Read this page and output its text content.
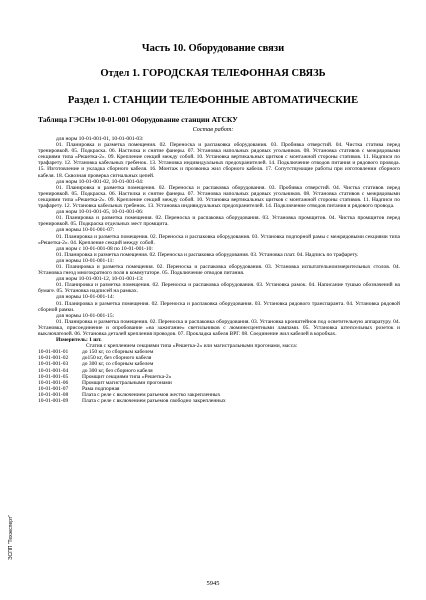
Часть 10. Оборудование связи
Отдел 1. ГОРОДСКАЯ ТЕЛЕФОННАЯ СВЯЗЬ
Раздел 1. СТАНЦИИ ТЕЛЕФОННЫЕ АВТОМАТИЧЕСКИЕ
Таблица ГЭСНм 10-01-001 Оборудование станции АТСКУ
Состав работ:

для норм 10-01-001-01, 10-01-001-03:

01. Планировка и разметка помещения. 02. Переноска и распаковка оборудования. 03. Пробивка отверстий. 04. Чистка статива перед тренировкой. 05. Подкраска. 06. Настилка и снятие фанеры. 07. Установка напольных рядовых угольников. 08. Установка стативов с межрядовыми секциями типа «Решетка-2». 09. Крепление секций между собой. 10. Установка вертикальных щитков с монтажной стороны стативов. 11. Надписи по трафарету. 12. Установка кабельных гребенок. 13. Установка индивидуальных предохранителей. 14. Подключение отводов питания и рядового провода. 15. Изготовление и укладка сборного кабеля. 16. Монтаж и прозвонка жил сборного кабеля. 17. Сопутствующие работы при изготовлении сборного кабеля. 18. Сквозная проверка сигнальных цепей.

для норм 10-01-001-02, 10-01-001-04:

01. Планировка и разметка помещения. 02. Переноска и распаковка оборудования. 03. Пробивка отверстий. 04. Чистка стативов перед тренировкой. 05. Подкраска. 06. Настилка и снятие фанеры. 07. Установка напольных рядовых угольников. 08. Установка стативов с межрядовыми секциями типа «Решетка-2». 09. Крепление секций между собой. 10. Установка вертикальных щитков с монтажной стороны стативов. 11. Надписи по трафарету. 12. Установка кабельных гребенок. 13. Установка индивидуальных предохранителей. 14. Подключение отводов питания и рядового провода.

для норм 10-01-001-05, 10-01-001-06:

01. Планировка и разметка помещения. 02. Переноска и распаковка оборудования. 03. Установка промщитов. 04. Чистка промщитов перед тренировкой. 05. Подкраска отдельных мест промщита.

для нормы 10-01-001-07:

01. Планировка и разметка помещения. 02. Переноска и распаковка оборудования. 03. Установка подпорной рамы с межрядовыми секциями типа «Решетка-2». 04. Крепление секций между собой.

для норм с 10-01-001-08 по 10-01-001-10:

01. Планировка и разметка помещения. 02. Переноска и распаковка оборудования. 03. Установка плат. 04. Надпись по трафарету.

для нормы 10-01-001-11:

01. Планировка и разметка помещения. 02. Переноска и распаковка оборудования. 03. Установка испытательноизмерительных столов. 04. Установка гнезд многократного поля в коммутаторе. 05. Подключение отводов питания.

для норм 10-01-001-12, 10-01-001-13:

01. Планировка и разметка помещения. 02. Переноска и распаковка оборудования. 03. Установка рамок. 04. Написание тушью обозначений на бумаге. 05. Установка надписей на рамках.

для нормы 10-01-001-14:

01. Планировка и разметка помещения. 02. Переноска и распаковка оборудования. 03. Установка рядового транспаранта. 04. Установка рядовой сборной рамки.

для нормы 10-01-001-15:

01. Планировка и разметка помещения. 02. Переноска и распаковка оборудования. 03. Установка кронштейнов под осветительную аппаратуру. 04. Установка, присоединение и опробование «на зажигание» светильников с люминесцентными лампами. 05. Установка штепсельных розеток и выключателей. 06. Установка деталей крепления проводов. 07. Прокладка кабеля ВРГ. 08. Соединение жил кабелей в коробках.

Измеритель: 1 шт.

Статив с креплением секциями типа «Решетка-2» или магистральными прогонами, масса:

10-01-001-01	до 150 кг, со сборным кабелем
10-01-001-02	до150 кг, без сборного кабеля
10-01-001-03	до 300 кг, со сборным кабелем
10-01-001-04	до 300 кг, без сборного кабеля
10-01-001-05	Промщит секциями типа «Решетка-2»
10-01-001-06	Промщит магистральными прогонами
10-01-001-07	Рама подпорная
10-01-001-08	Плата с реле с включением разъемов жестко закрепленных
10-01-001-09	Плата с реле с включением разъемов свободно закрепленных
ЭСПП "Техэксперт"
5945
